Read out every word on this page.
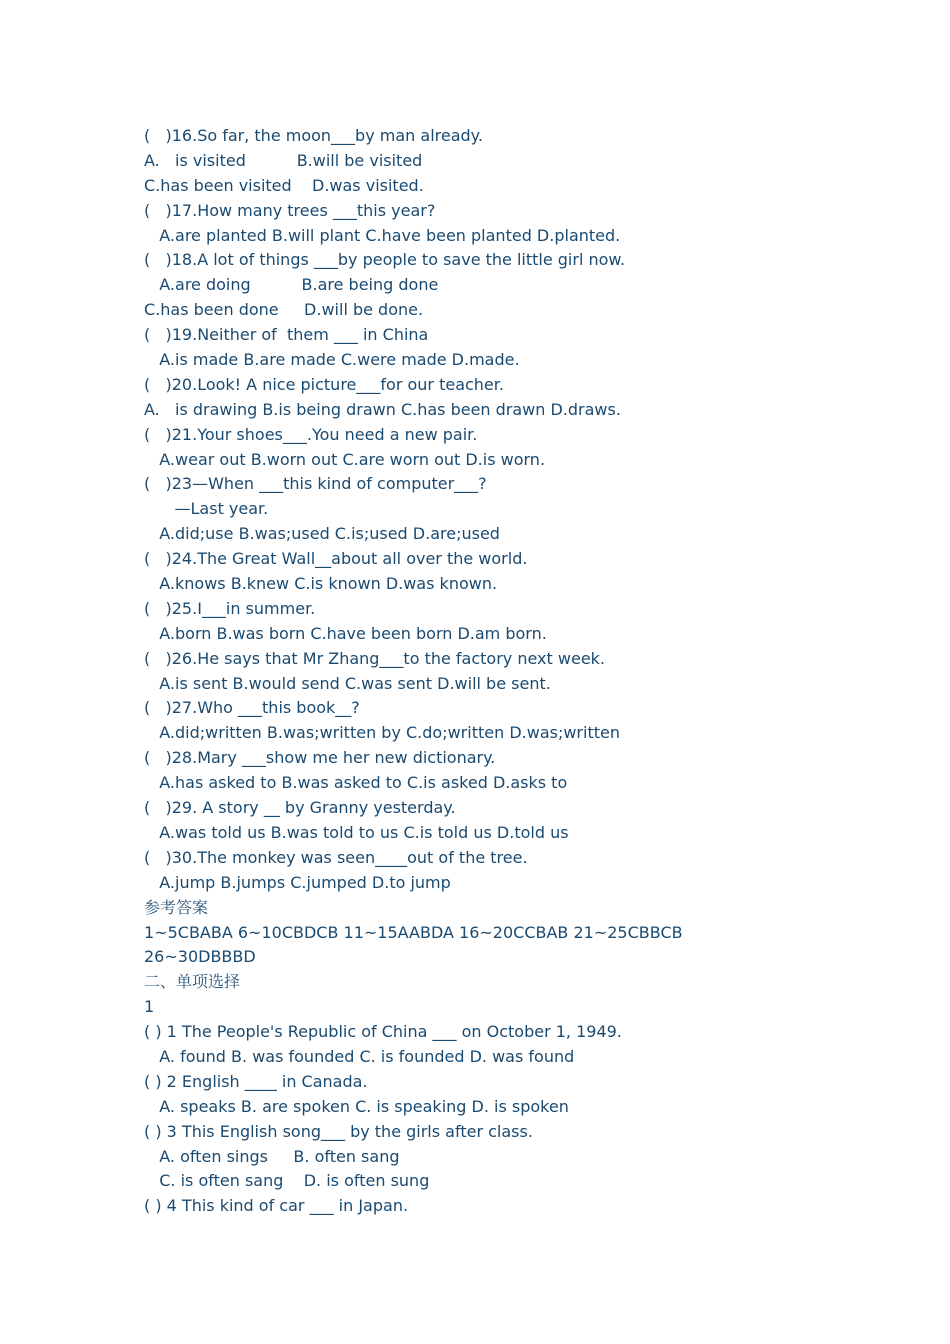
(   )16.So far, the moon___by man already.
A.   is visited          B.will be visited
C.has been visited    D.was visited.
(   )17.How many trees ___this year?
A.are planted B.will plant C.have been planted D.planted.
(   )18.A lot of things ___by people to save the little girl now.
A.are doing          B.are being done
C.has been done     D.will be done.
(   )19.Neither of  them ___ in China
A.is made B.are made C.were made D.made.
(   )20.Look! A nice picture___for our teacher.
A.   is drawing B.is being drawn C.has been drawn D.draws.
(   )21.Your shoes___.You need a new pair.
A.wear out B.worn out C.are worn out D.is worn.
(   )23—When ___this kind of computer___?
—Last year.
A.did;use B.was;used C.is;used D.are;used
(   )24.The Great Wall__about all over the world.
A.knows B.knew C.is known D.was known.
(   )25.I___in summer.
A.born B.was born C.have been born D.am born.
(   )26.He says that Mr Zhang___to the factory next week.
A.is sent B.would send C.was sent D.will be sent.
(   )27.Who ___this book__?
A.did;written B.was;written by C.do;written D.was;written
(   )28.Mary ___show me her new dictionary.
A.has asked to B.was asked to C.is asked D.asks to
(   )29. A story __ by Granny yesterday.
A.was told us B.was told to us C.is told us D.told us
(   )30.The monkey was seen____out of the tree.
A.jump B.jumps C.jumped D.to jump
参考答案
1~5CBABA 6~10CBDCB 11~15AABDA 16~20CCBAB 21~25CBBCB
26~30DBBBD
二、单项选择
1
( ) 1 The People's Republic of China ___ on October 1, 1949.
A. found B. was founded C. is founded D. was found
( ) 2 English ____ in Canada.
A. speaks B. are spoken C. is speaking D. is spoken
( ) 3 This English song___ by the girls after class.
A. often sings     B. often sang
C. is often sang    D. is often sung
( ) 4 This kind of car ___ in Japan.
